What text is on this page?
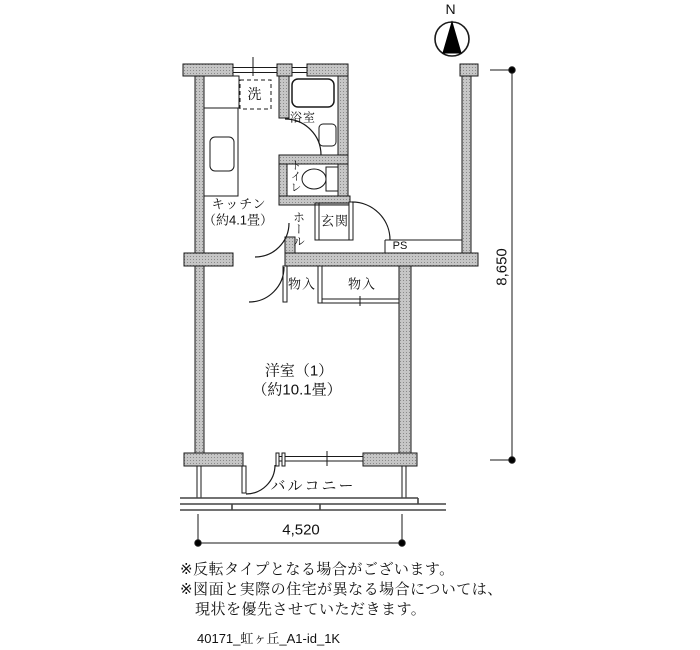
N
洗
浴室
トイレ
キッチン
（約4.1畳） ホール 玄関
PS
物入 物入
洋室（1）
（約10.1畳）
バルコニー
4,520
8,650
※反転タイプとなる場合がございます。
※図面と実際の住宅が異なる場合については、
現状を優先させていただきます。
40171_虹ヶ丘_A1-id_1K
